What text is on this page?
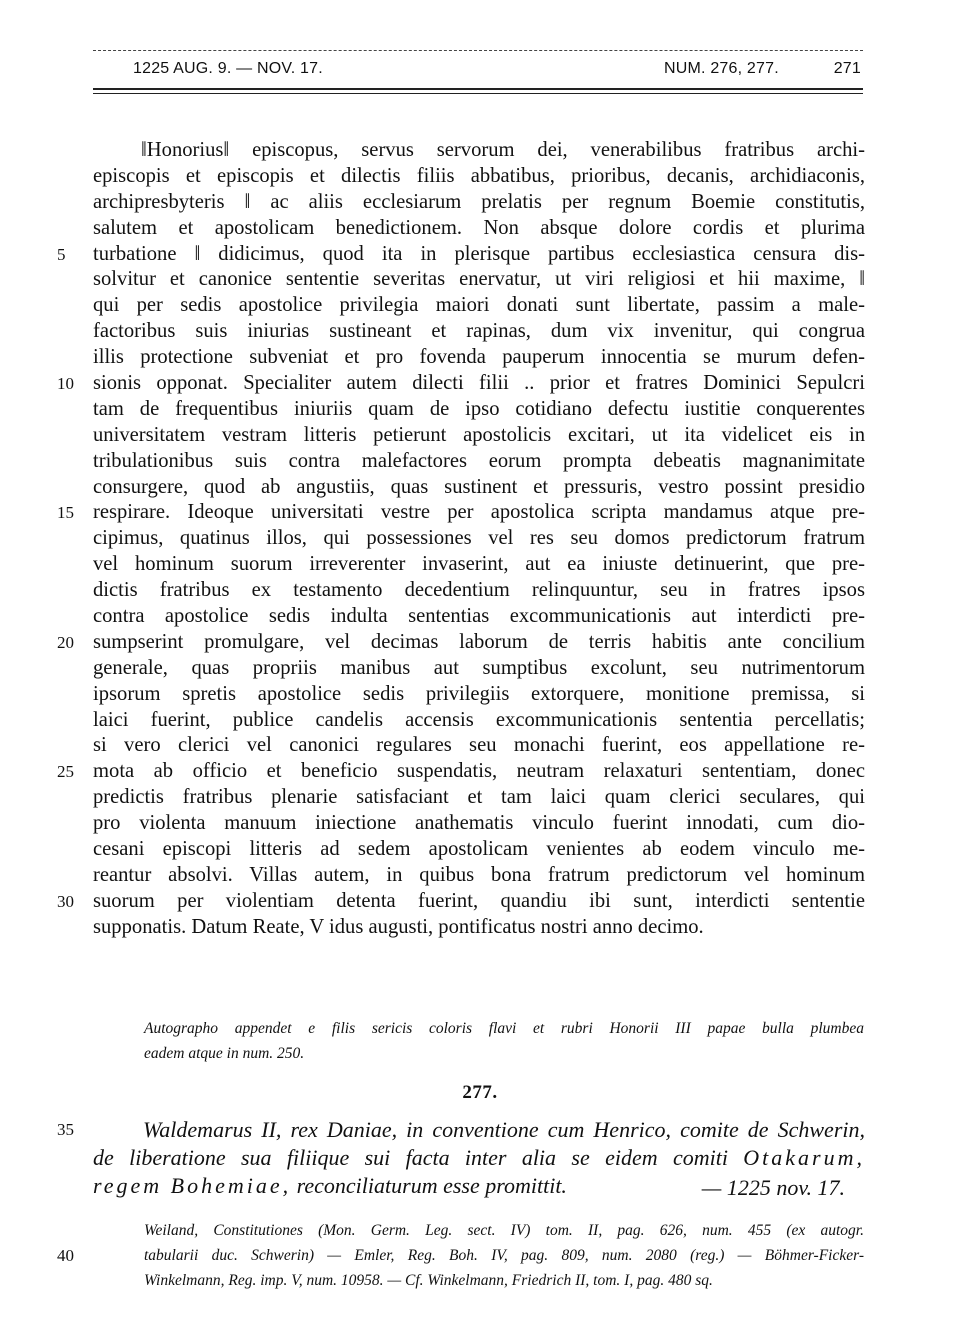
1225 AUG. 9. — NOV. 17.	NUM. 276, 277.	271
‖Honorius‖ episcopus, servus servorum dei, venerabilibus fratribus archi-
episcopis et episcopis et dilectis filiis abbatibus, prioribus, decanis, archidiaconis,
archipresbyteris ‖ ac aliis ecclesiarum prelatis per regnum Boemie constitutis,
salutem et apostolicam benedictionem. Non absque dolore cordis et plurima
5	turbatione ‖ didicimus, quod ita in plerisque partibus ecclesiastica censura dis-
solvitur et canonice sententie severitas enervatur, ut viri religiosi et hii maxime, ‖
qui per sedis apostolice privilegia maiori donati sunt libertate, passim a male-
factoribus suis iniurias sustineant et rapinas, dum vix invenitur, qui congrua
illis protectione subveniat et pro fovenda pauperum innocentia se murum defen-
10 sionis opponat. Specialiter autem dilecti filii .. prior et fratres Dominici Sepulcri
tam de frequentibus iniuriis quam de ipso cotidiano defectu iustitie conquerentes
universitatem vestram litteris petierunt apostolicis excitari, ut ita videlicet eis in
tribulationibus suis contra malefactores eorum prompta debeatis magnanimitate
consurgere, quod ab angustiis, quas sustinent et pressuris, vestro possint presidio
15 respirare. Ideoque universitati vestre per apostolica scripta mandamus atque pre-
cipimus, quatinus illos, qui possessiones vel res seu domos predictorum fratrum
vel hominum suorum irreverenter invaserint, aut ea iniuste detinuerint, que pre-
dictis fratribus ex testamento decedentium relinquuntur, seu in fratres ipsos
contra apostolice sedis indulta sententias excommunicationis aut interdicti pre-
20 sumpserint promulgare, vel decimas laborum de terris habitis ante concilium
generale, quas propriis manibus aut sumptibus excolunt, seu nutrimentorum
ipsorum spretis apostolice sedis privilegiis extorquere, monitione premissa, si
laici fuerint, publice candelis accensis excommunicationis sententia percellatis;
si vero clerici vel canonici regulares seu monachi fuerint, eos appellatione re-
25 mota ab officio et beneficio suspendatis, neutram relaxaturi sententiam, donec
predictis fratribus plenarie satisfaciant et tam laici quam clerici seculares, qui
pro violenta manuum iniectione anathematis vinculo fuerint innodati, cum dio-
cesani episcopi litteris ad sedem apostolicam venientes ab eodem vinculo me-
reantur absolvi. Villas autem, in quibus bona fratrum predictorum vel hominum
30 suorum per violentiam detenta fuerint, quandiu ibi sunt, interdicti sententie
supponatis. Datum Reate, V idus augusti, pontificatus nostri anno decimo.
Autographo appendet e filis sericis coloris flavi et rubri Honorii III papae bulla plumbea
eadem atque in num. 250.
277.
35	Waldemarus II, rex Daniae, in conventione cum Henrico, comite de Schwerin,
de liberatione sua filiique sui facta inter alia se eidem comiti Otakarum,
regem Bohemiae, reconciliaturum esse promittit.	— 1225 nov. 17.
Weiland, Constitutiones (Mon. Germ. Leg. sect. IV) tom. II, pag. 626, num. 455 (ex autogr.
40	tabularii duc. Schwerin) — Emler, Reg. Boh. IV, pag. 809, num. 2080 (reg.) — Böhmer-Ficker-
Winkelmann, Reg. imp. V, num. 10958. — Cf. Winkelmann, Friedrich II, tom. I, pag. 480 sq.
